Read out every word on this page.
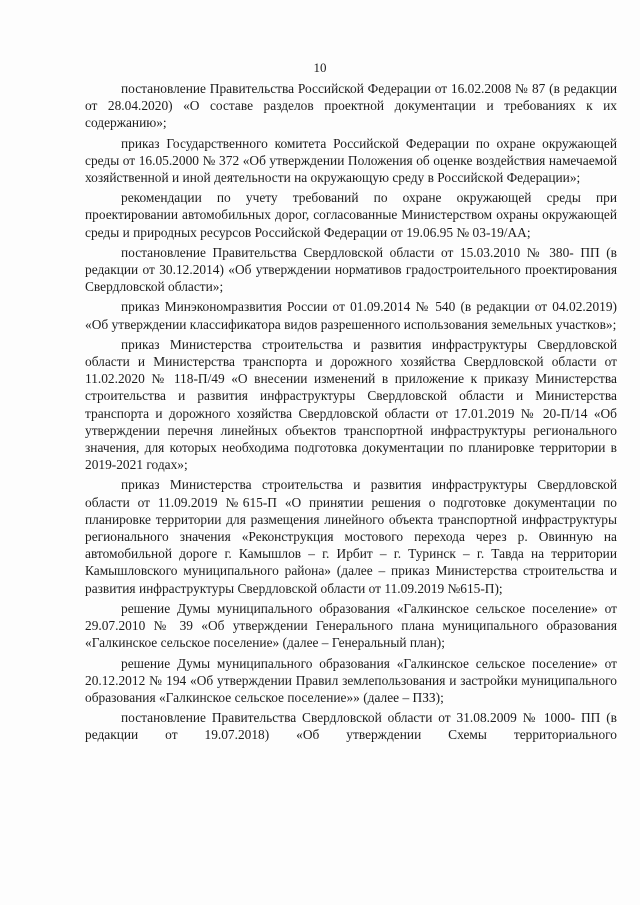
10

постановление Правительства Российской Федерации от 16.02.2008 № 87 (в редакции от 28.04.2020) «О составе разделов проектной документации и требованиях к их содержанию»;

приказ Государственного комитета Российской Федерации по охране окружающей среды от 16.05.2000 № 372 «Об утверждении Положения об оценке воздействия намечаемой хозяйственной и иной деятельности на окружающую среду в Российской Федерации»;

рекомендации по учету требований по охране окружающей среды при проектировании автомобильных дорог, согласованные Министерством охраны окружающей среды и природных ресурсов Российской Федерации от 19.06.95 № 03-19/АА;

постановление Правительства Свердловской области от 15.03.2010 № 380- ПП (в редакции от 30.12.2014) «Об утверждении нормативов градостроительного проектирования Свердловской области»;

приказ Минэкономразвития России от 01.09.2014 № 540 (в редакции от 04.02.2019) «Об утверждении классификатора видов разрешенного использования земельных участков»;

приказ Министерства строительства и развития инфраструктуры Свердловской области и Министерства транспорта и дорожного хозяйства Свердловской области от 11.02.2020 № 118-П/49 «О внесении изменений в приложение к приказу Министерства строительства и развития инфраструктуры Свердловской области и Министерства транспорта и дорожного хозяйства Свердловской области от 17.01.2019 № 20-П/14 «Об утверждении перечня линейных объектов транспортной инфраструктуры регионального значения, для которых необходима подготовка документации по планировке территории в 2019-2021 годах»;

приказ Министерства строительства и развития инфраструктуры Свердловской области от 11.09.2019 №615-П «О принятии решения о подготовке документации по планировке территории для размещения линейного объекта транспортной инфраструктуры регионального значения «Реконструкция мостового перехода через р. Овинную на автомобильной дороге г. Камышлов – г. Ирбит – г. Туринск – г. Тавда на территории Камышловского муниципального района» (далее – приказ Министерства строительства и развития инфраструктуры Свердловской области от 11.09.2019 №615-П);

решение Думы муниципального образования «Галкинское сельское поселение» от 29.07.2010 № 39 «Об утверждении Генерального плана муниципального образования «Галкинское сельское поселение» (далее – Генеральный план);

решение Думы муниципального образования «Галкинское сельское поселение» от 20.12.2012 № 194 «Об утверждении Правил землепользования и застройки муниципального образования «Галкинское сельское поселение»» (далее – ПЗЗ);

постановление Правительства Свердловской области от 31.08.2009 № 1000- ПП (в редакции от 19.07.2018) «Об утверждении Схемы территориального
